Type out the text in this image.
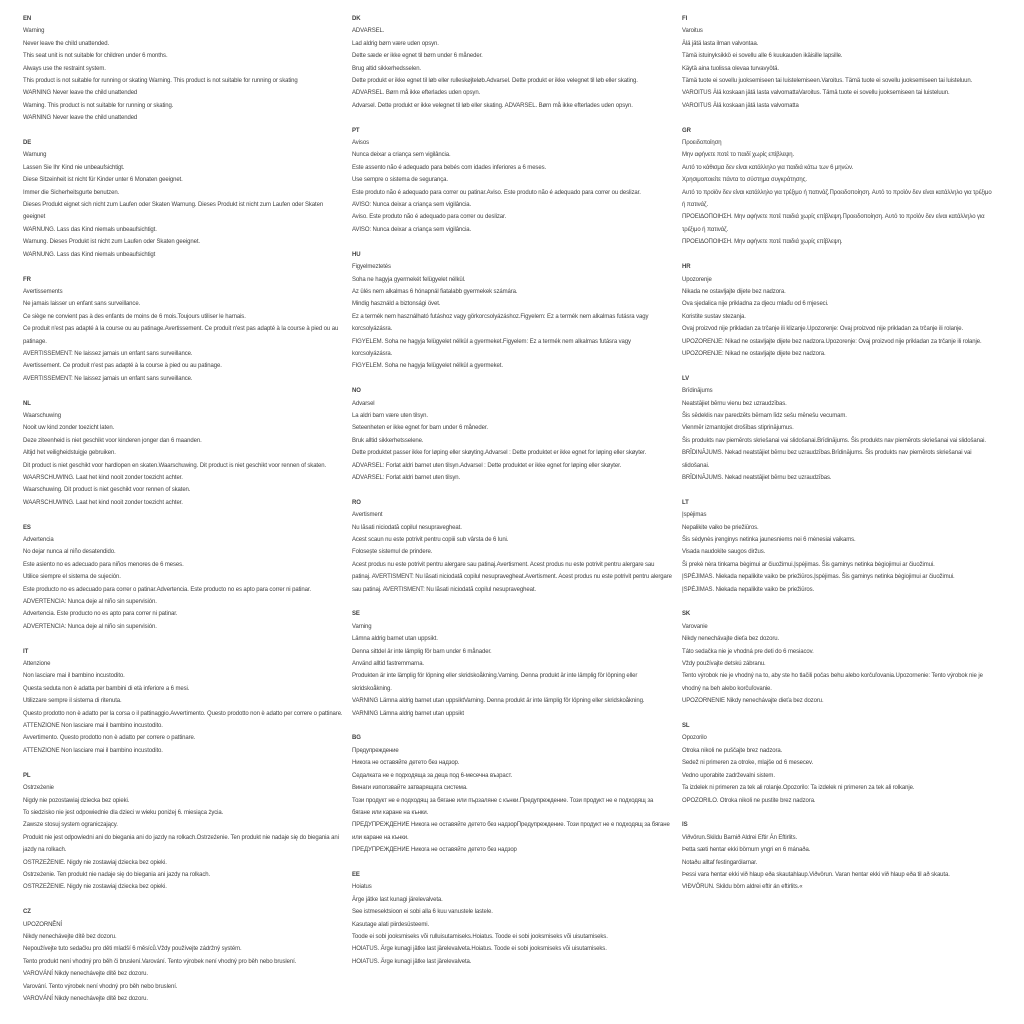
EN

Warning

Never leave the child unattended.

This seat unit is not suitable for children under 6 months.

Always use the restraint system.

This product is not suitable for running or skating Warning. This product is not suitable for running or skating

WARNING Never leave the child unattended

Warning. This product is not suitable for running or skating.

WARNING Never leave the child unattended

DE

Warnung

Lassen Sie Ihr Kind nie unbeaufsichtigt.

Diese Sitzeinheit ist nicht für Kinder unter 6 Monaten geeignet.

Immer die Sicherheitsgurte benutzen.

Dieses Produkt eignet sich nicht zum Laufen oder Skaten Warnung. Dieses Produkt ist nicht zum Laufen oder Skaten geeignet

WARNUNG. Lass das Kind niemals unbeaufsichtigt.

Warnung. Dieses Produkt ist nicht zum Laufen oder Skaten geeignet.

WARNUNG. Lass das Kind niemals unbeaufsichtigt

FR

Avertissements

Ne jamais laisser un enfant sans surveillance.

Ce siège ne convient pas à des enfants de moins de 6 mois.Toujours utiliser le harnais.

Ce produit n'est pas adapté à la course ou au patinage.Avertissement. Ce produit n'est pas adapté à la course à pied ou au patinage.

AVERTISSEMENT: Ne laissez jamais un enfant sans surveillance.

Avertissement. Ce produit n'est pas adapté à la course à pied ou au patinage.

AVERTISSEMENT: Ne laissez jamais un enfant sans surveillance.

NL

Waarschuwing

Nooit uw kind zonder toezicht laten.

Deze ziteenheid is niet geschikt voor kinderen jonger dan 6 maanden.

Altijd het veiligheidstuigje gebruiken.

Dit product is niet geschikt voor hardlopen en skaten.Waarschuwing. Dit product is niet geschikt voor rennen of skaten.

WAARSCHUWING. Laat het kind nooit zonder toezicht achter.

Waarschuwing. Dit product is niet geschikt voor rennen of skaten.

WAARSCHUWING. Laat het kind nooit zonder toezicht achter.

ES

Advertencia

No dejar nunca al niño desatendido.

Este asiento no es adecuado para niños menores de 6 meses.

Utilice siempre el sistema de sujeción.

Este producto no es adecuado para correr o patinar.Advertencia. Este producto no es apto para correr ni patinar.

ADVERTENCIA: Nunca deje al niño sin supervisión.

Advertencia. Este producto no es apto para correr ni patinar.

ADVERTENCIA: Nunca deje al niño sin supervisión.

IT

Attenzione

Non lasciare mai il bambino incustodito.

Questa seduta non è adatta per bambini di età inferiore a 6 mesi.

Utilizzare sempre il sistema di ritenuta.

Questo prodotto non è adatto per la corsa o il pattinaggio.Avvertimento. Questo prodotto non è adatto per correre o pattinare.

ATTENZIONE Non lasciare mai il bambino incustodito.

Avvertimento. Questo prodotto non è adatto per correre o pattinare.

ATTENZIONE Non lasciare mai il bambino incustodito.

PL

Ostrzeżenie

Nigdy nie pozostawiaj dziecka bez opieki.

To siedzisko nie jest odpowiednie dla dzieci w wieku poniżej 6. miesiąca życia.

Zawsze stosuj system ograniczający.

Produkt nie jest odpowiedni ani do biegania ani do jazdy na rolkach.Ostrzeżenie. Ten produkt nie nadaje się do biegania ani jazdy na rolkach.

OSTRZEŻENIE. Nigdy nie zostawiaj dziecka bez opieki.

Ostrzeżenie. Ten produkt nie nadaje się do biegania ani jazdy na rolkach.

OSTRZEŻENIE. Nigdy nie zostawiaj dziecka bez opieki.

CZ

UPOZORNĚNÍ

Nikdy nenechávejte dítě bez dozoru.

Nepoužívejte tuto sedačku pro děti mladší 6 měsíců.Vždy používejte zádržný systém.

Tento produkt není vhodný pro běh či bruslení.Varování. Tento výrobek není vhodný pro běh nebo bruslení.

VAROVÁNÍ Nikdy nenechávejte dítě bez dozoru.

Varování. Tento výrobek není vhodný pro běh nebo bruslení.

VAROVÁNÍ Nikdy nenechávejte dítě bez dozoru.

DK

ADVARSEL.

Lad aldrig børn være uden opsyn.

Dette sæde er ikke egnet til børn under 6 måneder.

Brug altid sikkerhedsselen.

Dette produkt er ikke egnet til løb eller rulleskøjteløb.Advarsel. Dette produkt er ikke velegnet til løb eller skating.

ADVARSEL. Børn må ikke efterlades uden opsyn.

Advarsel. Dette produkt er ikke velegnet til løb eller skating. ADVARSEL. Børn må ikke efterlades uden opsyn.

PT

Avisos

Nunca deixar a criança sem vigilância.

Este assento não é adequado para bebés com idades inferiores a 6 meses.

Use sempre o sistema de segurança.

Este produto não é adequado para correr ou patinar.Aviso. Este produto não é adequado para correr ou deslizar.

AVISO: Nunca deixar a criança sem vigilância.

Aviso. Este produto não é adequado para correr ou deslizar.

AVISO: Nunca deixar a criança sem vigilância.

HU

Figyelmeztetés

Soha ne hagyja gyermekét felügyelet nélkül.

Az ülés nem alkalmas 6 hónapnál fiatalabb gyermekek számára.

Mindig használd a biztonsági övet.

Ez a termék nem használható futáshoz vagy görkorcsolyázáshoz.Figyelem: Ez a termék nem alkalmas futásra vagy korcsolyázásra.

FIGYELEM. Soha ne hagyja felügyelet nélkül a gyermeket.Figyelem: Ez a termék nem alkalmas futásra vagy korcsolyázásra.

FIGYELEM. Soha ne hagyja felügyelet nélkül a gyermeket.

NO

Advarsel

La aldri barn være uten tilsyn.

Seteenheten er ikke egnet for barn under 6 måneder.

Bruk alltid sikkerhetsselene.

Dette produktet passer ikke for løping eller skøyting.Advarsel : Dette produktet er ikke egnet for løping eller skøyter.

ADVARSEL: Forlat aldri barnet uten tilsyn.Advarsel : Dette produktet er ikke egnet for løping eller skøyter.

ADVARSEL: Forlat aldri barnet uten tilsyn.

RO

Avertisment

Nu lăsati niciodată copilul nesupravegheat.

Acest scaun nu este potrivit pentru copiii sub vârsta de 6 luni.

Folosește sistemul de prindere.

Acest produs nu este potrivit pentru alergare sau patinaj.Avertisment. Acest produs nu este potrivit pentru alergare sau patinaj. AVERTISMENT: Nu lăsati niciodată copilul nesupravegheat.Avertisment. Acest produs nu este potrivit pentru alergare sau patinaj. AVERTISMENT: Nu lăsati niciodată copilul nesupravegheat.

SE

Varning

Lämna aldrig barnet utan uppsikt.

Denna sittdel är inte lämplig för barn under 6 månader.

Använd alltid fastremmarna.

Produkten är inte lämplig för löpning eller skridskoåkning.Varning. Denna produkt är inte lämplig för löpning eller skridskoåkning.

VARNING Lämna aldrig barnet utan uppsiktVarning. Denna produkt är inte lämplig för löpning eller skridskoåkning.

VARNING Lämna aldrig barnet utan uppsikt

BG

Предупреждение

Никога не оставяйте детето без надзор.

Седалката не е подходяща за деца под 6-месечна възраст.

Винаги използвайте затварящата система.

Този продукт не е подходящ за бягане или пързаляне с кънки.Предупреждение. Този продукт не е подходящ за бягане или каране на кънки.

ПРЕДУПРЕЖДЕНИЕ Никога не оставяйте детето без надзорПредупреждение. Този продукт не е подходящ за бягане или каране на кънки.

ПРЕДУПРЕЖДЕНИЕ Никога не оставяйте детето без надзор

EE

Hoiatus

Ärge jätke last kunagi järelevalveta.

See istmesektsioon ei sobi alla 6 kuu vanustele lastele.

Kasutage alati piirdesüsteemi.

Toode ei sobi jooksmiseks või rulluisutamiseks.Hoiatus. Toode ei sobi jooksmiseks või uisutamiseks.

HOIATUS. Ärge kunagi jätke last järelevalveta.Hoiatus. Toode ei sobi jooksmiseks või uisutamiseks.

HOIATUS. Ärge kunagi jätke last järelevalveta.

FI

Varoitus

Älä jätä lasta ilman valvontaa.

Tämä istuinyksikkö ei sovellu alle 6 kuukauden ikäisille lapsille.

Käytä aina tuolissa olevaa turvavyötä.

Tämä tuote ei sovellu juoksemiseen tai luistelemiseen.Varoitus. Tämä tuote ei sovellu juoksemiseen tai luisteluun.

VAROITUS Älä koskaan jätä lasta valvomattaVaroitus. Tämä tuote ei sovellu juoksemiseen tai luisteluun.

VAROITUS Älä koskaan jätä lasta valvomatta

GR

Προειδοποίηση

Μην αφήνετε ποτέ το παιδί χωρίς επίβλεψη.

Αυτό το κάθισμα δεν είναι κατάλληλο για παιδιά κάτω των 6 μηνών.

Χρησιμοποιείτε πάντα το σύστημα συγκράτησης.

Αυτό το προϊόν δεν είναι κατάλληλο για τρέξιμο ή πατινάζ.Προειδοποίηση. Αυτό το προϊόν δεν είναι κατάλληλο για τρέξιμο ή πατινάζ.

ΠΡΟΕΙΔΟΠΟΙΗΣΗ. Μην αφήνετε ποτέ παιδιά χωρίς επίβλεψη.Προειδοποίηση. Αυτό το προϊόν δεν είναι κατάλληλο για τρέξιμο ή πατινάζ.

ΠΡΟΕΙΔΟΠΟΙΗΣΗ. Μην αφήνετε ποτέ παιδιά χωρίς επίβλεψη.

HR

Upozorenje

Nikada ne ostavljajte dijete bez nadzora.

Ova sjedalica nije prikladna za djecu mlađu od 6 mjeseci.

Koristite sustav stezanja.

Ovaj proizvod nije prikladan za trčanje ili klizanje.Upozorenje: Ovaj proizvod nije prikladan za trčanje ili rolanje.

UPOZORENJE: Nikad ne ostavljajte dijete bez nadzora.Upozorenje: Ovaj proizvod nije prikladan za trčanje ili rolanje.

UPOZORENJE: Nikad ne ostavljajte dijete bez nadzora.

LV

Brīdinājums

Neatstājiet bērnu vienu bez uzraudzības.

Šis sēdeklis nav paredzēts bērnam līdz sešu mēnešu vecumam.

Vienmēr izmantojiet drošības stiprinājumus.

Šis produkts nav piemērots skriešanai vai slidošanai.Brīdinājums. Šis produkts nav piemērots skriešanai vai slidošanai.

BRĪDINĀJUMS. Nekad neatstājiet bērnu bez uzraudzības.Brīdinājums. Šis produkts nav piemērots skriešanai vai slidošanai.

BRĪDINĀJUMS. Nekad neatstājiet bērnu bez uzraudzības.

LT

Įspėjimas

Nepalikite vaiko be priežiūros.

Šis sėdynės įrenginys netinka jaunesniems nei 6 mėnesiai vaikams.

Visada naudokite saugos diržus.

Ši prekė nėra tinkama bėgimui ar čiuožimui.Įspėjimas. Šis gaminys netinka bėgiojimui ar čiuožimui.

ĮSPĖJIMAS. Niekada nepalikite vaiko be priežiūros.Įspėjimas. Šis gaminys netinka bėgiojimui ar čiuožimui.

ĮSPĖJIMAS. Niekada nepalikite vaiko be priežiūros.

SK

Varovanie

Nikdy nenechávajte dieťa bez dozoru.

Táto sedačka nie je vhodná pre deti do 6 mesiacov.

Vždy používajte detskú zábranu.

Tento výrobok nie je vhodný na to, aby ste ho tlačili počas behu alebo korčuľovania.Upozornenie: Tento výrobok nie je vhodný na beh alebo korčuľovanie.

UPOZORNENIE Nikdy nenechávajte dieťa bez dozoru.

SL

Opozorilo

Otroka nikoli ne puščajte brez nadzora.

Sedež ni primeren za otroke, mlajše od 6 mesecev.

Vedno uporabite zadrževalni sistem.

Ta izdelek ni primeren za tek ali rolanje.Opozorilo: Ta izdelek ni primeren za tek ali rolkanje.

OPOZORILO. Otroka nikoli ne pustite brez nadzora.

IS

Viðvörun.Skildu Barnið Aldrei Eftir Án Eftirlits.

Þetta sæti hentar ekki börnum yngri en 6 mánaða.

Notaðu alltaf festingarólarnar.

Þessi vara hentar ekki við hlaup eða skautahlaup.Viðvörun. Varan hentar ekki við hlaup eða til að skauta.

VIÐVÖRUN. Skildu börn aldrei eftir án eftirlits.«
